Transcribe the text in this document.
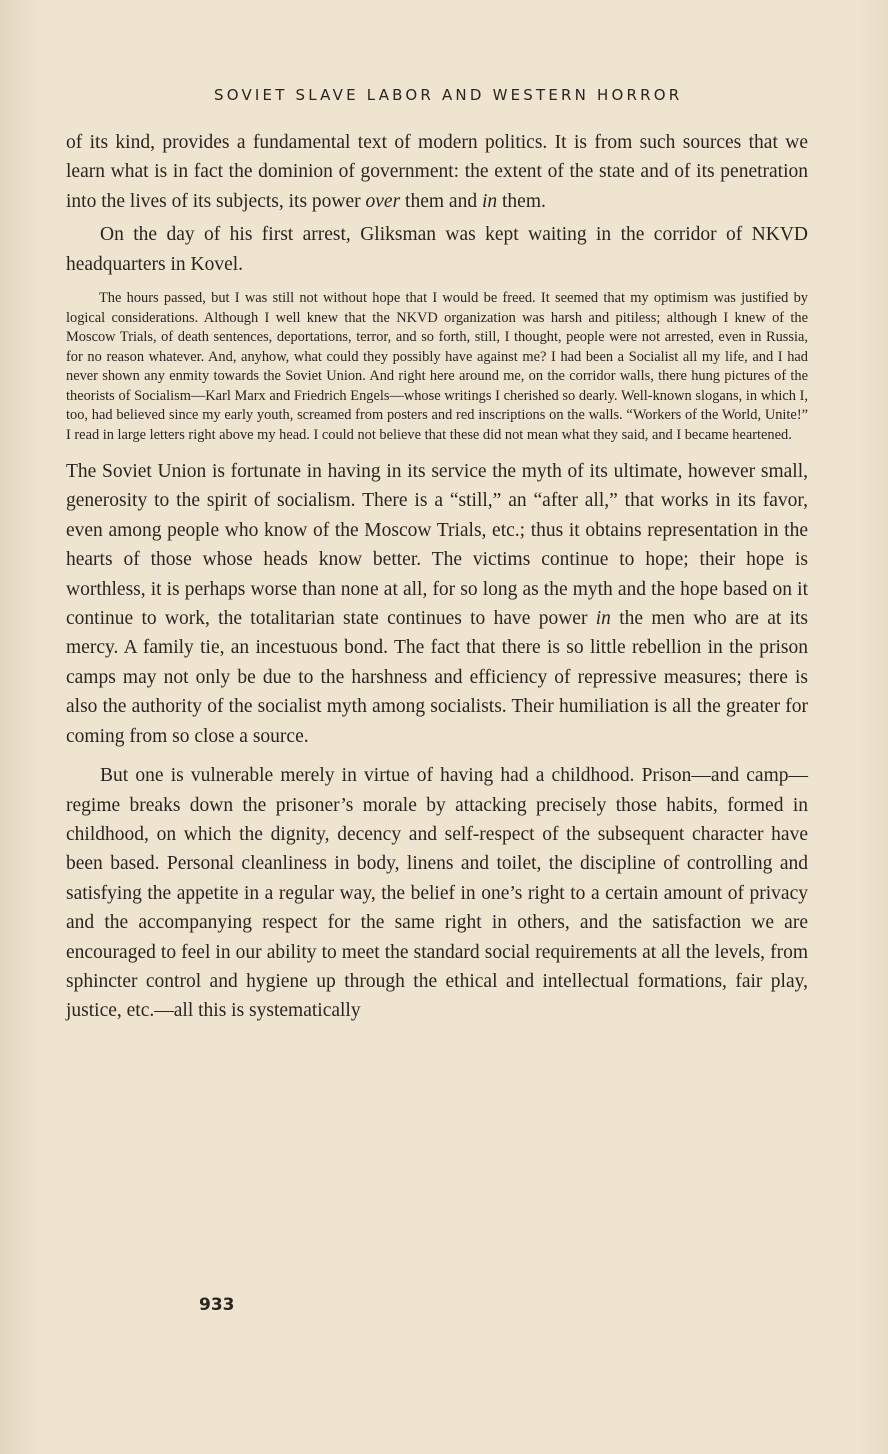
SOVIET SLAVE LABOR AND WESTERN HORROR

of its kind, provides a fundamental text of modern politics. It is from such sources that we learn what is in fact the dominion of government: the extent of the state and of its penetration into the lives of its subjects, its power over them and in them.

On the day of his first arrest, Gliksman was kept waiting in the corridor of NKVD headquarters in Kovel.

The hours passed, but I was still not without hope that I would be freed. It seemed that my optimism was justified by logical considerations. Although I well knew that the NKVD organization was harsh and pitiless; although I knew of the Moscow Trials, of death sentences, deportations, terror, and so forth, still, I thought, people were not arrested, even in Russia, for no reason whatever. And, anyhow, what could they possibly have against me? I had been a Socialist all my life, and I had never shown any enmity towards the Soviet Union. And right here around me, on the corridor walls, there hung pictures of the theorists of Socialism—Karl Marx and Friedrich Engels—whose writings I cherished so dearly. Well-known slogans, in which I, too, had believed since my early youth, screamed from posters and red inscriptions on the walls. “Workers of the World, Unite!” I read in large letters right above my head. I could not believe that these did not mean what they said, and I became heartened.

The Soviet Union is fortunate in having in its service the myth of its ultimate, however small, generosity to the spirit of socialism. There is a “still,” an “after all,” that works in its favor, even among people who know of the Moscow Trials, etc.; thus it obtains representation in the hearts of those whose heads know better. The victims continue to hope; their hope is worthless, it is perhaps worse than none at all, for so long as the myth and the hope based on it continue to work, the totalitarian state continues to have power in the men who are at its mercy. A family tie, an incestuous bond. The fact that there is so little rebellion in the prison camps may not only be due to the harshness and efficiency of repressive measures; there is also the authority of the socialist myth among socialists. Their humiliation is all the greater for coming from so close a source.

But one is vulnerable merely in virtue of having had a childhood. Prison—and camp—regime breaks down the prisoner’s morale by attacking precisely those habits, formed in childhood, on which the dignity, decency and self-respect of the subsequent character have been based. Personal cleanliness in body, linens and toilet, the discipline of controlling and satisfying the appetite in a regular way, the belief in one’s right to a certain amount of privacy and the accompanying respect for the same right in others, and the satisfaction we are encouraged to feel in our ability to meet the standard social requirements at all the levels, from sphincter control and hygiene up through the ethical and intellectual formations, fair play, justice, etc.—all this is systematically

933
